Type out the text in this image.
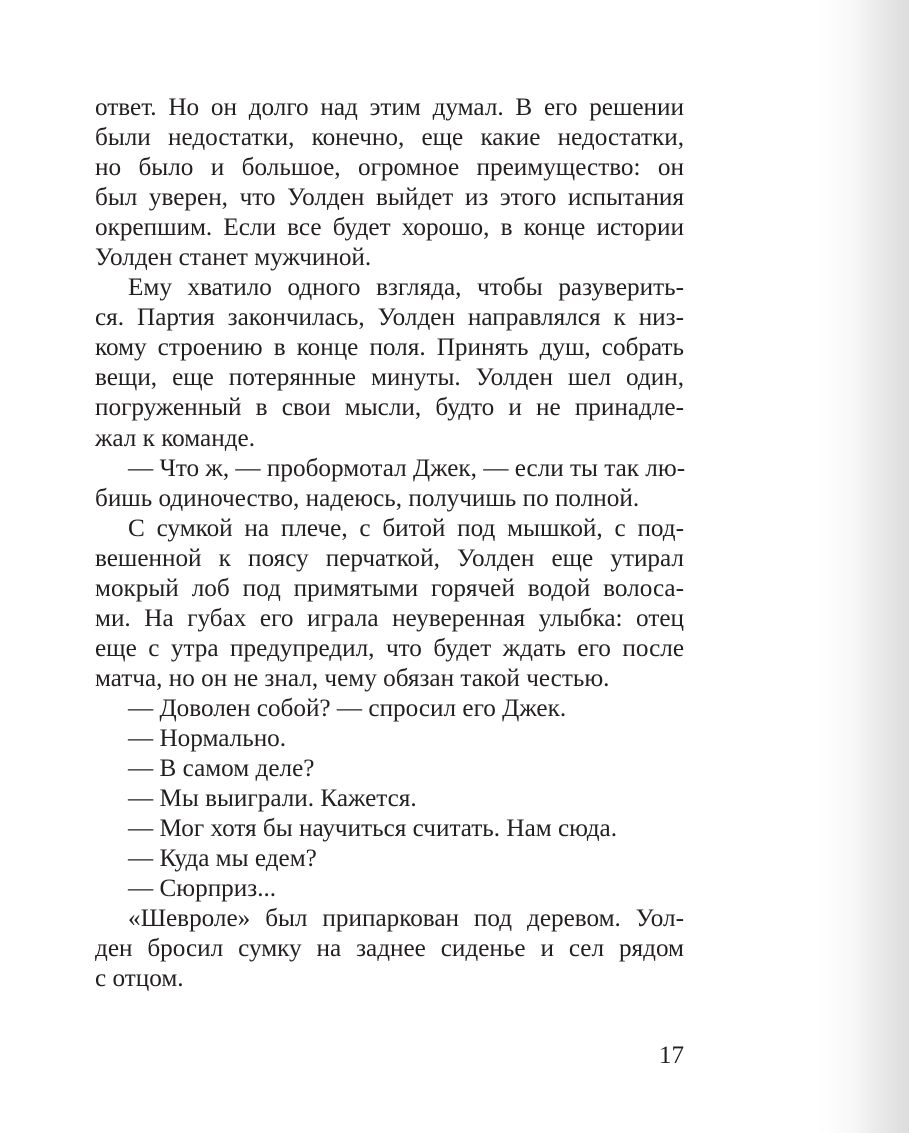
ответ. Но он долго над этим думал. В его решении
были недостатки, конечно, еще какие недостатки,
но было и большое, огромное преимущество: он
был уверен, что Уолден выйдет из этого испытания
окрепшим. Если все будет хорошо, в конце истории
Уолден станет мужчиной.
Ему хватило одного взгляда, чтобы разуверить-
ся. Партия закончилась, Уолден направлялся к низ-
кому строению в конце поля. Принять душ, собрать
вещи, еще потерянные минуты. Уолден шел один,
погруженный в свои мысли, будто и не принадле-
жал к команде.
— Что ж, — пробормотал Джек, — если ты так лю-
бишь одиночество, надеюсь, получишь по полной.
С сумкой на плече, с битой под мышкой, с под-
вешенной к поясу перчаткой, Уолден еще утирал
мокрый лоб под примятыми горячей водой волоса-
ми. На губах его играла неуверенная улыбка: отец
еще с утра предупредил, что будет ждать его после
матча, но он не знал, чему обязан такой честью.
— Доволен собой? — спросил его Джек.
— Нормально.
— В самом деле?
— Мы выиграли. Кажется.
— Мог хотя бы научиться считать. Нам сюда.
— Куда мы едем?
— Сюрприз...
«Шевроле» был припаркован под деревом. Уол-
ден бросил сумку на заднее сиденье и сел рядом
с отцом.
17
